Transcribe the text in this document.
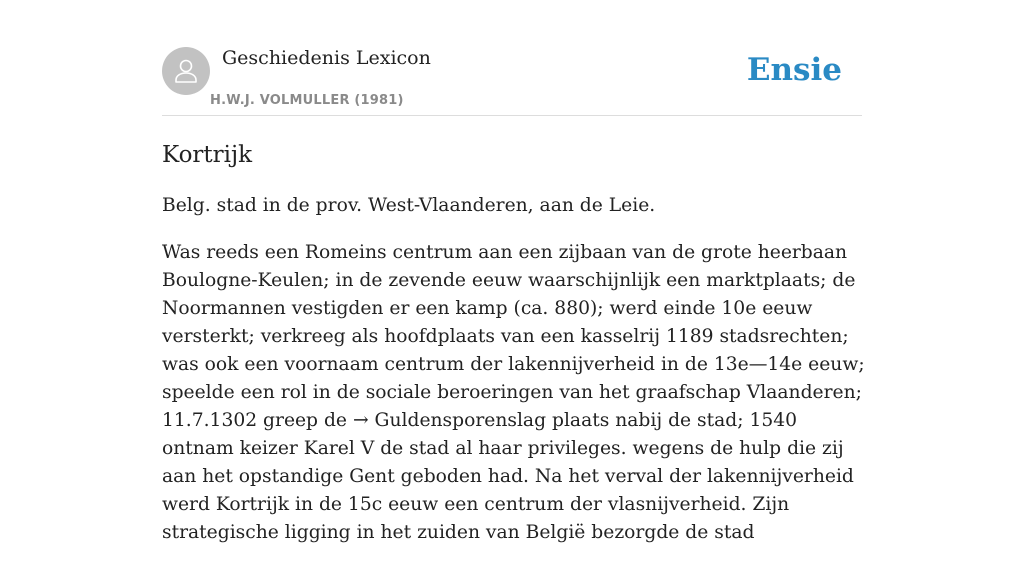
Geschiedenis Lexicon
H.W.J. VOLMULLER (1981)
Ensie
Kortrijk

Belg. stad in de prov. West-Vlaanderen, aan de Leie.

Was reeds een Romeins centrum aan een zijbaan van de grote heerbaan Boulogne-Keulen; in de zevende eeuw waarschijnlijk een marktplaats; de Noormannen vestigden er een kamp (ca. 880); werd einde 10e eeuw versterkt; verkreeg als hoofdplaats van een kasselrij 1189 stadsrechten; was ook een voornaam centrum der lakennijverheid in de 13e—14e eeuw; speelde een rol in de sociale beroeringen van het graafschap Vlaanderen; 11.7.1302 greep de → Guldensporenslag plaats nabij de stad; 1540 ontnam keizer Karel V de stad al haar privileges. wegens de hulp die zij aan het opstandige Gent geboden had. Na het verval der lakennijverheid werd Kortrijk in de 15c eeuw een centrum der vlasnijverheid. Zijn strategische ligging in het zuiden van België bezorgde de stad
